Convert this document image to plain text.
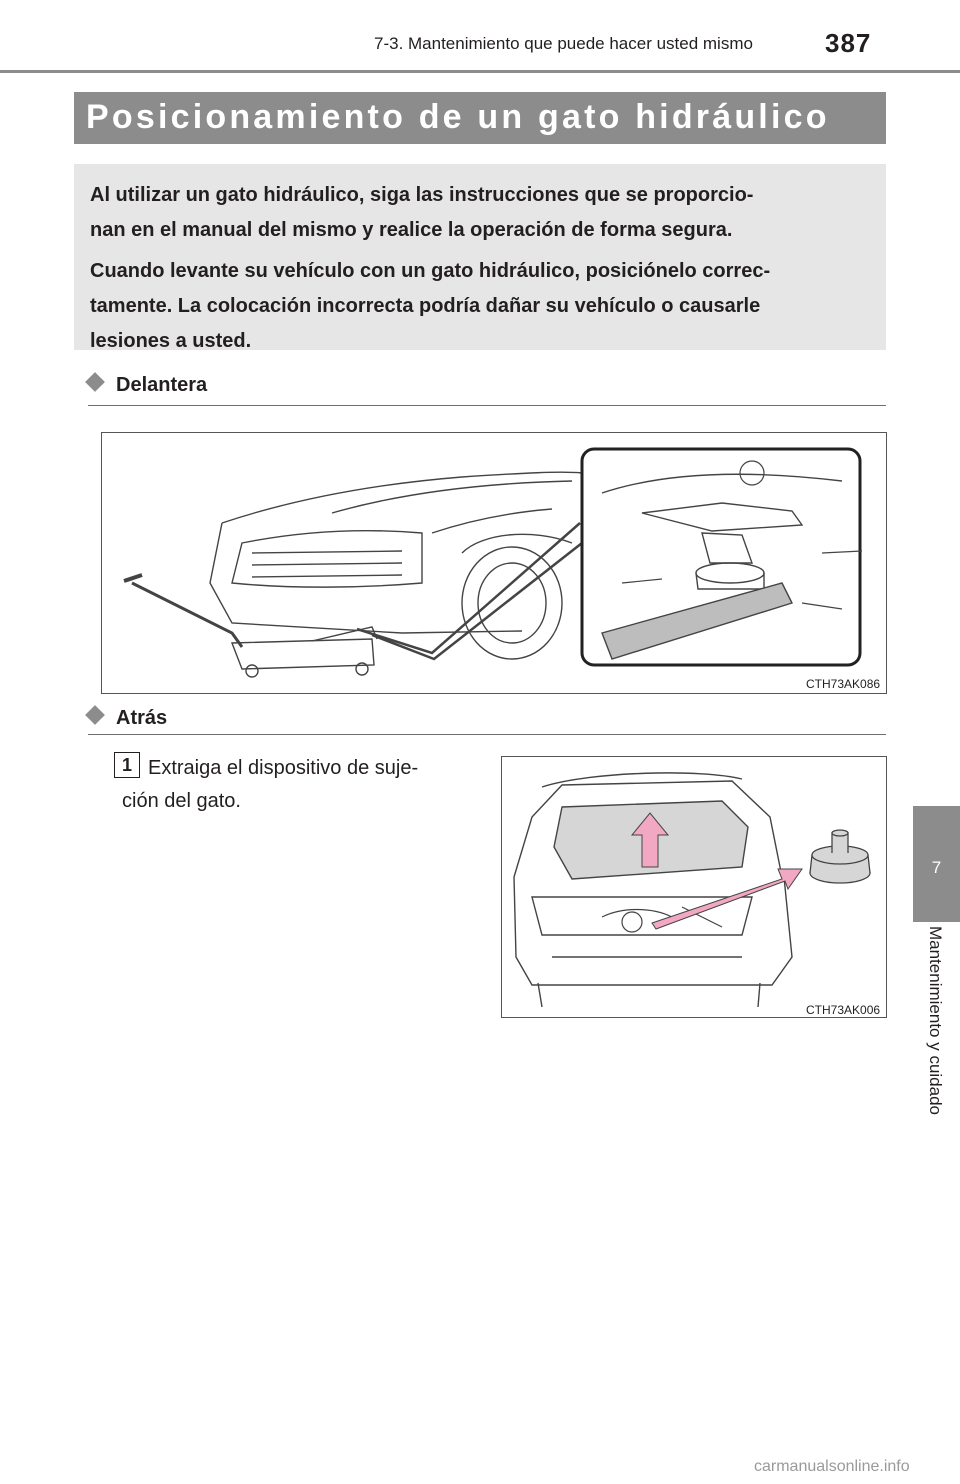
7-3. Mantenimiento que puede hacer usted mismo	387
7
Mantenimiento y cuidado
Posicionamiento de un gato hidráulico

Al utilizar un gato hidráulico, siga las instrucciones que se proporcio-

nan en el manual del mismo y realice la operación de forma segura.

Cuando levante su vehículo con un gato hidráulico, posiciónelo correc-

tamente. La colocación incorrecta podría dañar su vehículo o causarle

lesiones a usted.

Delantera
CTH73AK086
Atrás
1 Extraiga el dispositivo de suje-
ción del gato.
CTH73AK006
carmanualsonline.info
